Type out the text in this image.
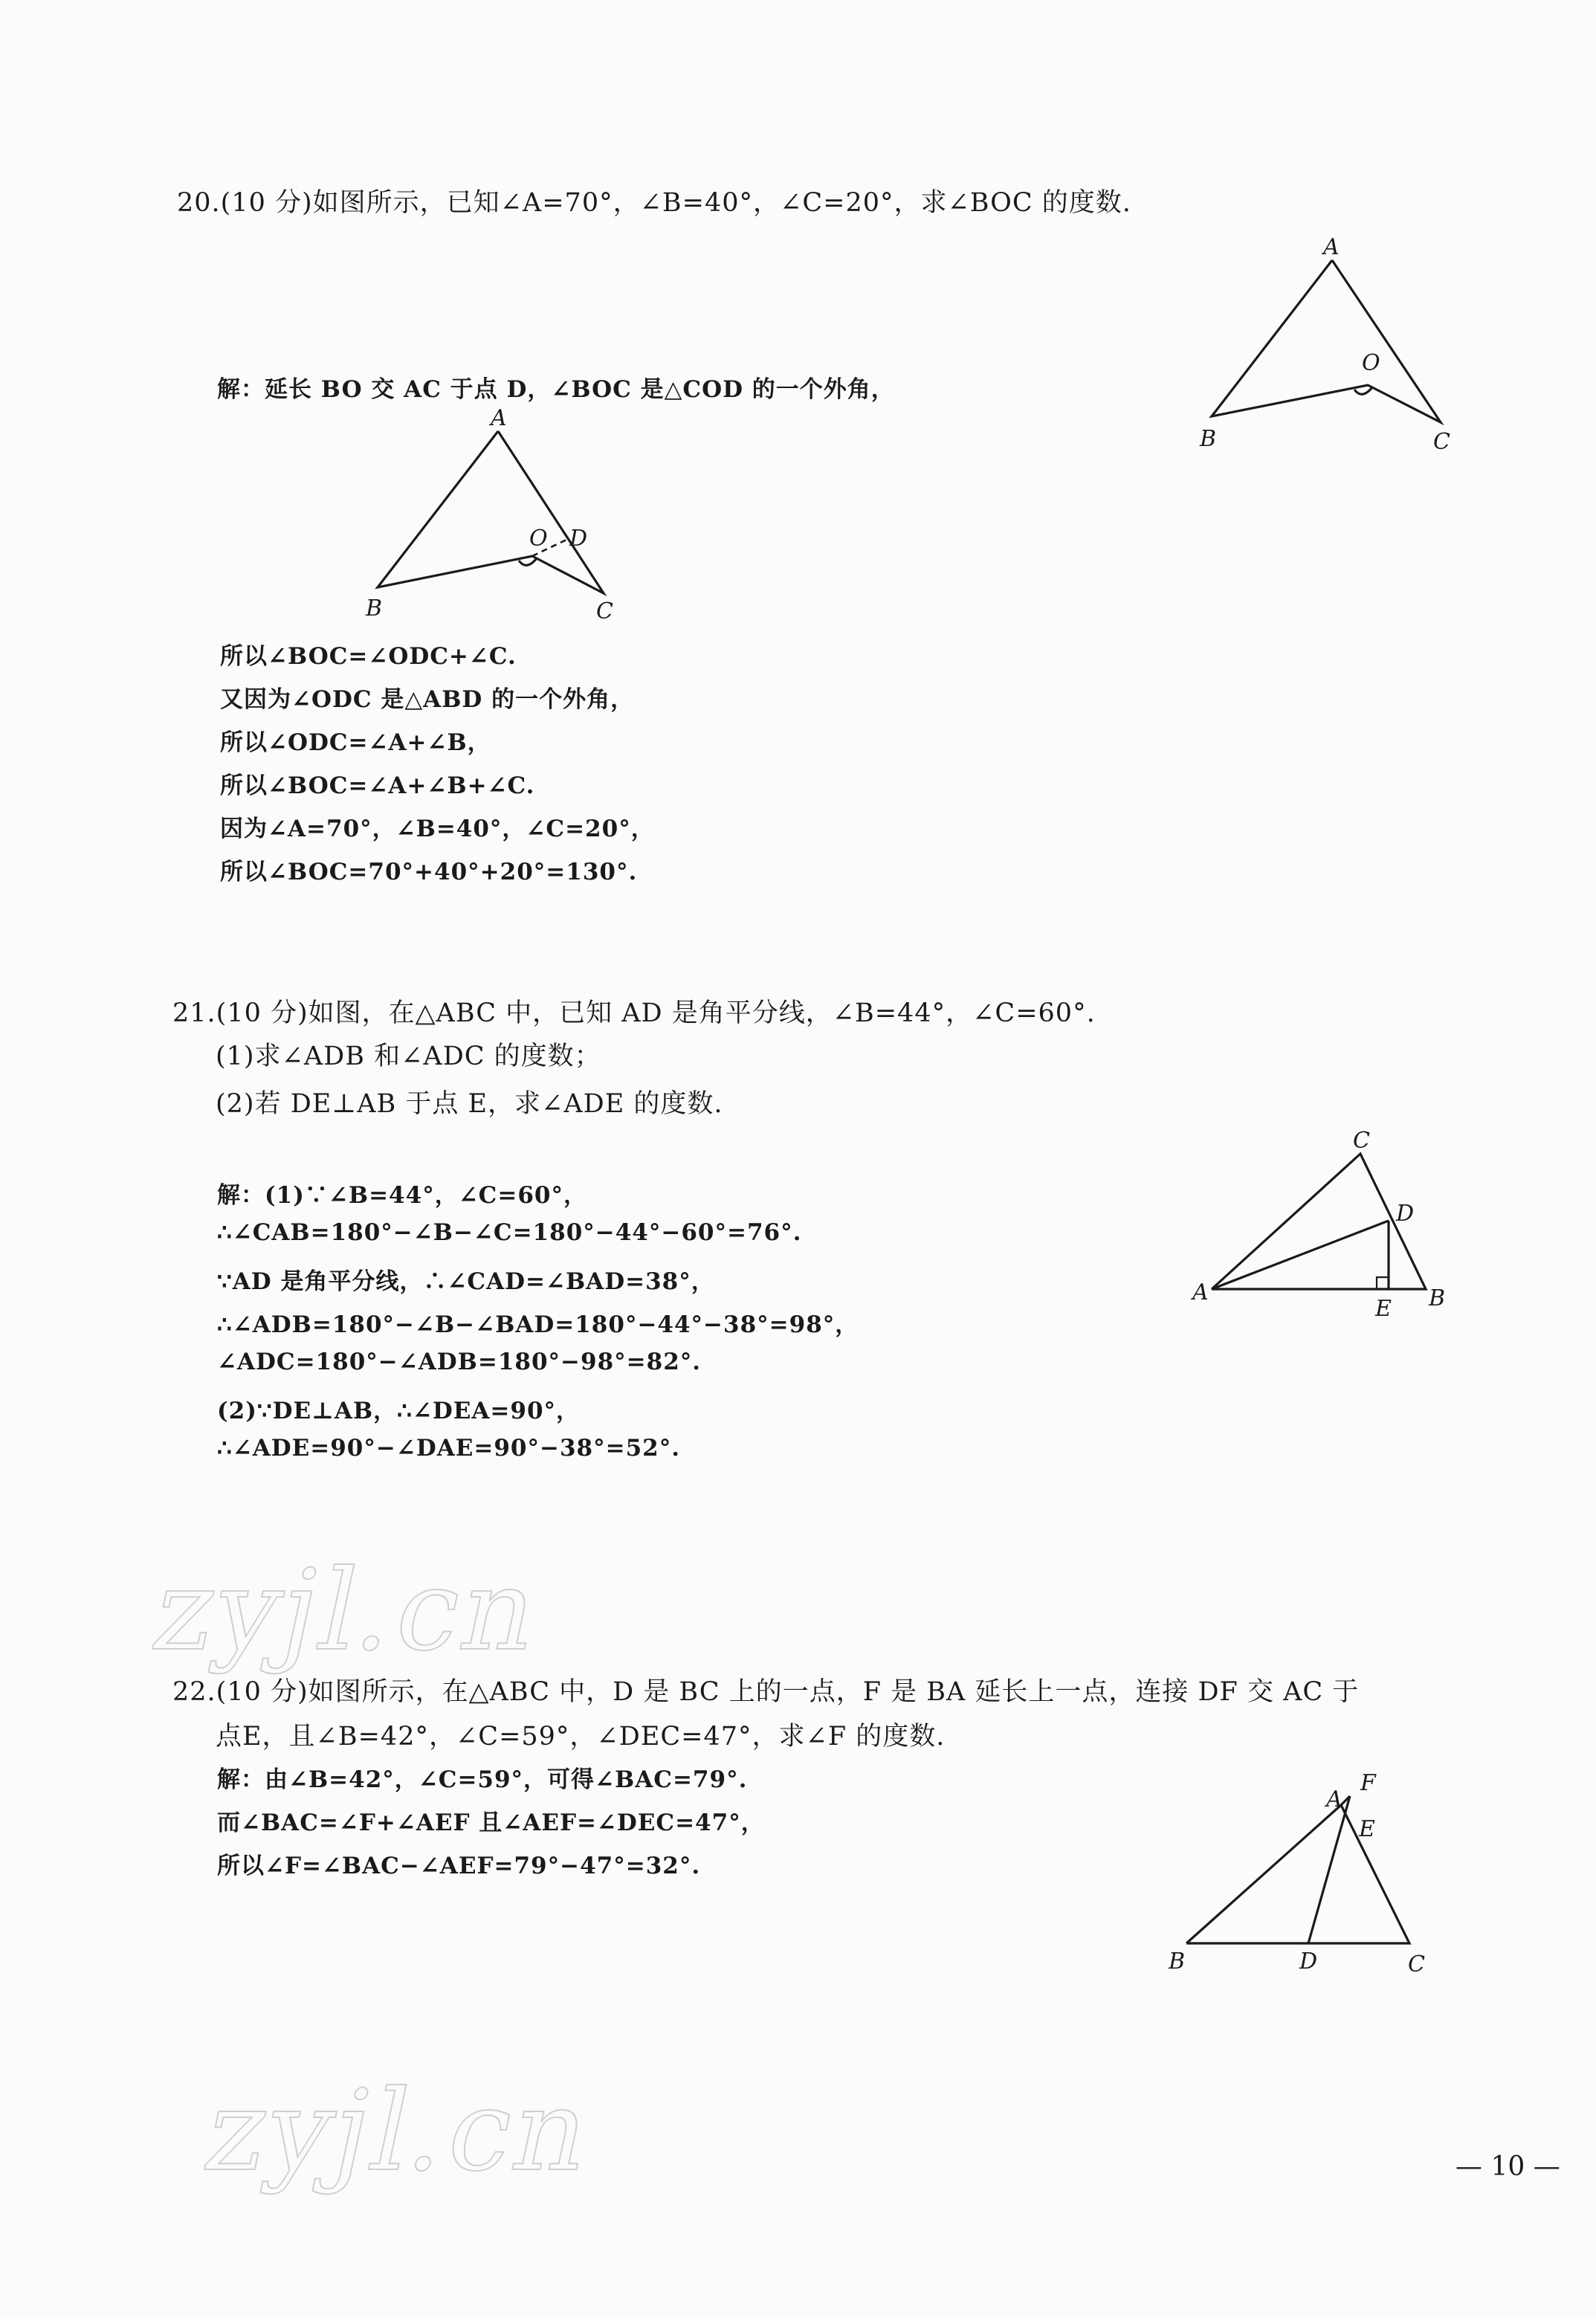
20.(10 分)如图所示，已知∠A=70°，∠B=40°，∠C=20°，求∠BOC 的度数.

A
B	C
O

解：延长 BO 交 AC 于点 D，∠BOC 是△COD 的一个外角，

A
B	C
O D

所以∠BOC=∠ODC+∠C.

又因为∠ODC 是△ABD 的一个外角，

所以∠ODC=∠A+∠B，

所以∠BOC=∠A+∠B+∠C.

因为∠A=70°，∠B=40°，∠C=20°，

所以∠BOC=70°+40°+20°=130°.

21.(10 分)如图，在△ABC 中，已知 AD 是角平分线，∠B=44°，∠C=60°.

(1)求∠ADB 和∠ADC 的度数；

(2)若 DE⊥AB 于点 E，求∠ADE 的度数.

C
D
A
E B

解：(1)∵∠B=44°，∠C=60°，

∴∠CAB=180°−∠B−∠C=180°−44°−60°=76°.

∵AD 是角平分线，∴∠CAD=∠BAD=38°，

∴∠ADB=180°−∠B−∠BAD=180°−44°−38°=98°，

∠ADC=180°−∠ADB=180°−98°=82°.

(2)∵DE⊥AB，∴∠DEA=90°，

∴∠ADE=90°−∠DAE=90°−38°=52°.

zyjl.cn

22.(10 分)如图所示，在△ABC 中，D 是 BC 上的一点，F 是 BA 延长上一点，连接 DF 交 AC 于

点E，且∠B=42°，∠C=59°，∠DEC=47°，求∠F 的度数.

解：由∠B=42°，∠C=59°，可得∠BAC=79°.

而∠BAC=∠F+∠AEF 且∠AEF=∠DEC=47°，

所以∠F=∠BAC−∠AEF=79°−47°=32°.

A
F
E
B	D	C
zyjl.cn	— 10 —
